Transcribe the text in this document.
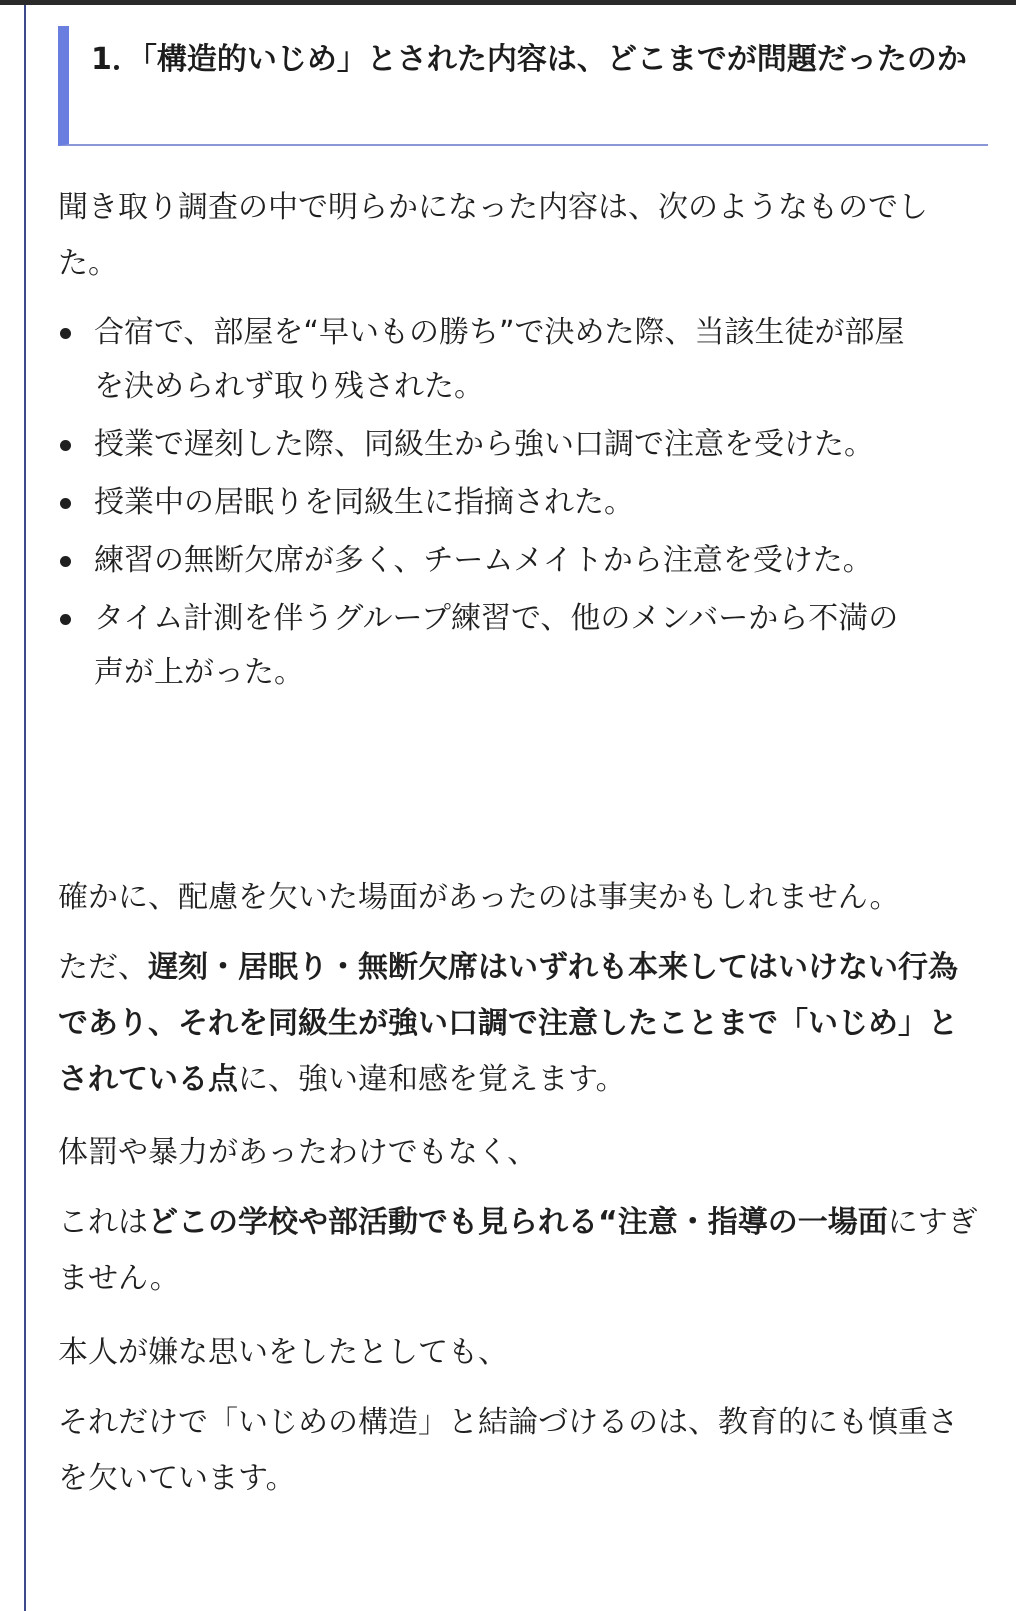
1．「構造的いじめ」とされた内容は、どこまでが問題だったのか

聞き取り調査の中で明らかになった内容は、次のようなものでした。

合宿で、部屋を“早いもの勝ち”で決めた際、当該生徒が部屋を決められず取り残された。
授業で遅刻した際、同級生から強い口調で注意を受けた。
授業中の居眠りを同級生に指摘された。
練習の無断欠席が多く、チームメイトから注意を受けた。
タイム計測を伴うグループ練習で、他のメンバーから不満の声が上がった。

確かに、配慮を欠いた場面があったのは事実かもしれません。

ただ、遅刻・居眠り・無断欠席はいずれも本来してはいけない行為であり、それを同級生が強い口調で注意したことまで「いじめ」とされている点に、強い違和感を覚えます。

体罰や暴力があったわけでもなく、

これはどこの学校や部活動でも見られる“注意・指導の一場面にすぎません。

本人が嫌な思いをしたとしても、

それだけで「いじめの構造」と結論づけるのは、教育的にも慎重さを欠いています。
